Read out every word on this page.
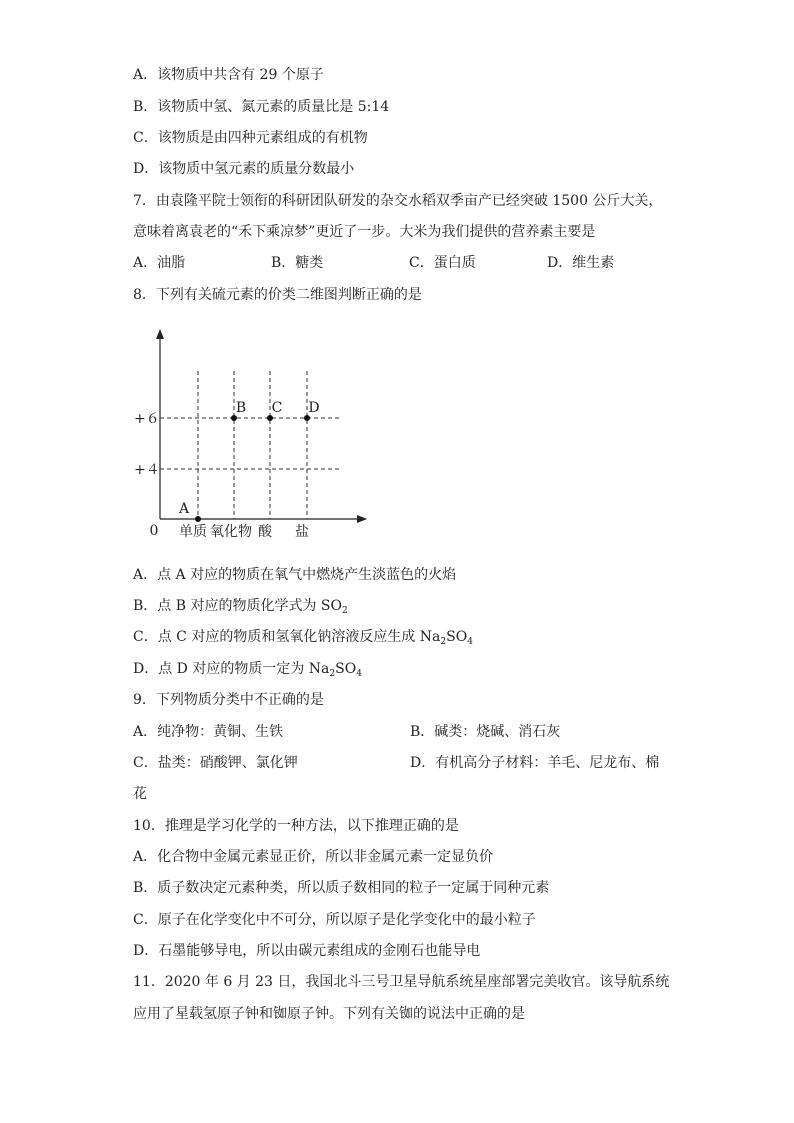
A．该物质中共含有 29 个原子
B．该物质中氢、氮元素的质量比是 5:14
C．该物质是由四种元素组成的有机物
D．该物质中氢元素的质量分数最小
7．由袁隆平院士领衔的科研团队研发的杂交水稻双季亩产已经突破 1500 公斤大关，
意味着离袁老的“禾下乘凉梦”更近了一步。大米为我们提供的营养素主要是
A．油脂	B．糖类	C．蛋白质	D．维生素
8．下列有关硫元素的价类二维图判断正确的是
0
+４
+６
单质 氧化物 酸 盐
A
B C D
A．点 A 对应的物质在氧气中燃烧产生淡蓝色的火焰
B．点 B 对应的物质化学式为 $SO_2$
C．点 C 对应的物质和氢氧化钠溶液反应生成 $Na_2SO_4$
D．点 D 对应的物质一定为 $Na_2SO_4$
9．下列物质分类中不正确的是
A．纯净物：黄铜、生铁	B．碱类：烧碱、消石灰
C．盐类：硝酸钾、氯化钾	D．有机高分子材料：羊毛、尼龙布、棉
花
10．推理是学习化学的一种方法，以下推理正确的是
A．化合物中金属元素显正价，所以非金属元素一定显负价
B．质子数决定元素种类，所以质子数相同的粒子一定属于同种元素
C．原子在化学变化中不可分，所以原子是化学变化中的最小粒子
D．石墨能够导电，所以由碳元素组成的金刚石也能导电
11．2020 年 6 月 23 日，我国北斗三号卫星导航系统星座部署完美收官。该导航系统
应用了星载氢原子钟和铷原子钟。下列有关铷的说法中正确的是
